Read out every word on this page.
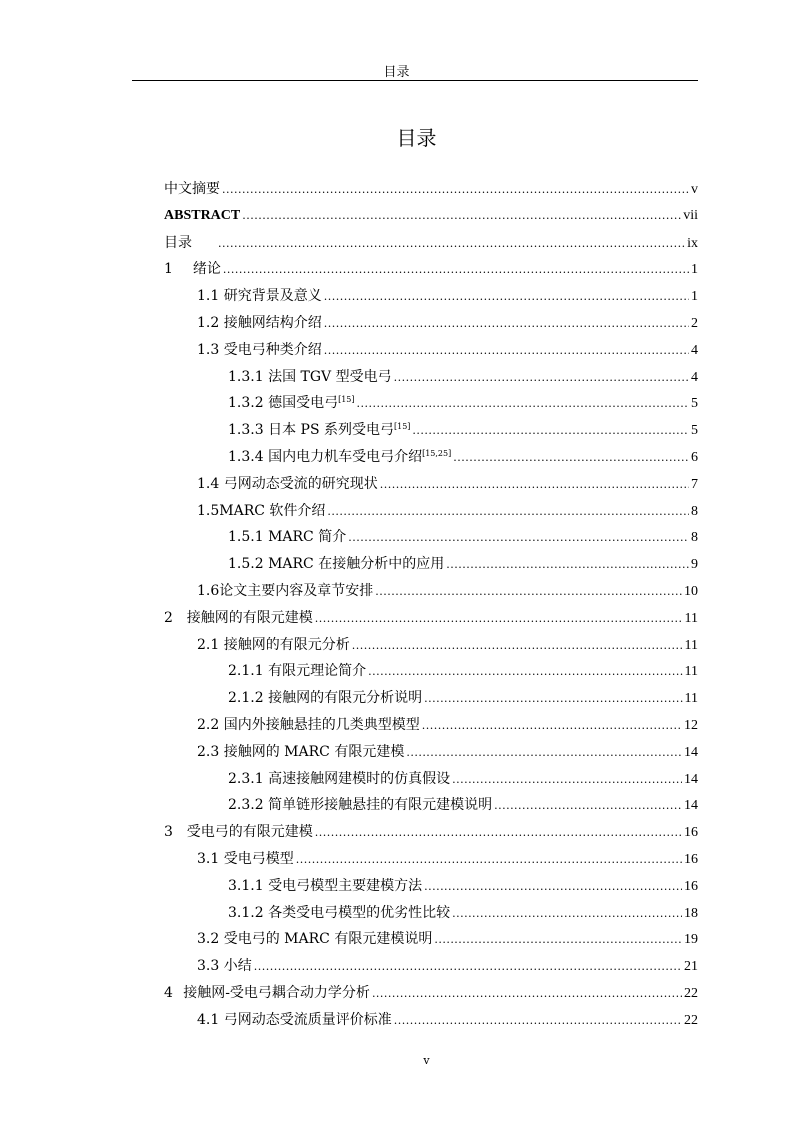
目录
目录
中文摘要 .....	v
ABSTRACT .....	vii
目录 .....	ix
1	绪论 .....	1
1.1 研究背景及意义 .....	1
1.2 接触网结构介绍 .....	2
1.3 受电弓种类介绍 .....	4
1.3.1 法国 TGV 型受电弓 .....	4
1.3.2 德国受电弓[15] .....	5
1.3.3 日本 PS 系列受电弓[15] .....	5
1.3.4 国内电力机车受电弓介绍[15,25] .....	6
1.4 弓网动态受流的研究现状 .....	7
1.5 MARC 软件介绍 .....	8
1.5.1 MARC 简介 .....	8
1.5.2 MARC 在接触分析中的应用 .....	9
1.6 论文主要内容及章节安排 .....	10
2 接触网的有限元建模 .....	11
2.1 接触网的有限元分析 .....	11
2.1.1 有限元理论简介 .....	11
2.1.2 接触网的有限元分析说明 .....	11
2.2 国内外接触悬挂的几类典型模型 .....	12
2.3 接触网的 MARC 有限元建模 .....	14
2.3.1 高速接触网建模时的仿真假设 .....	14
2.3.2 简单链形接触悬挂的有限元建模说明 .....	14
3 受电弓的有限元建模 .....	16
3.1 受电弓模型 .....	16
3.1.1 受电弓模型主要建模方法 .....	16
3.1.2 各类受电弓模型的优劣性比较 .....	18
3.2 受电弓的 MARC 有限元建模说明 .....	19
3.3 小结 .....	21
4 接触网-受电弓耦合动力学分析 .....	22
4.1 弓网动态受流质量评价标准 .....	22
v
